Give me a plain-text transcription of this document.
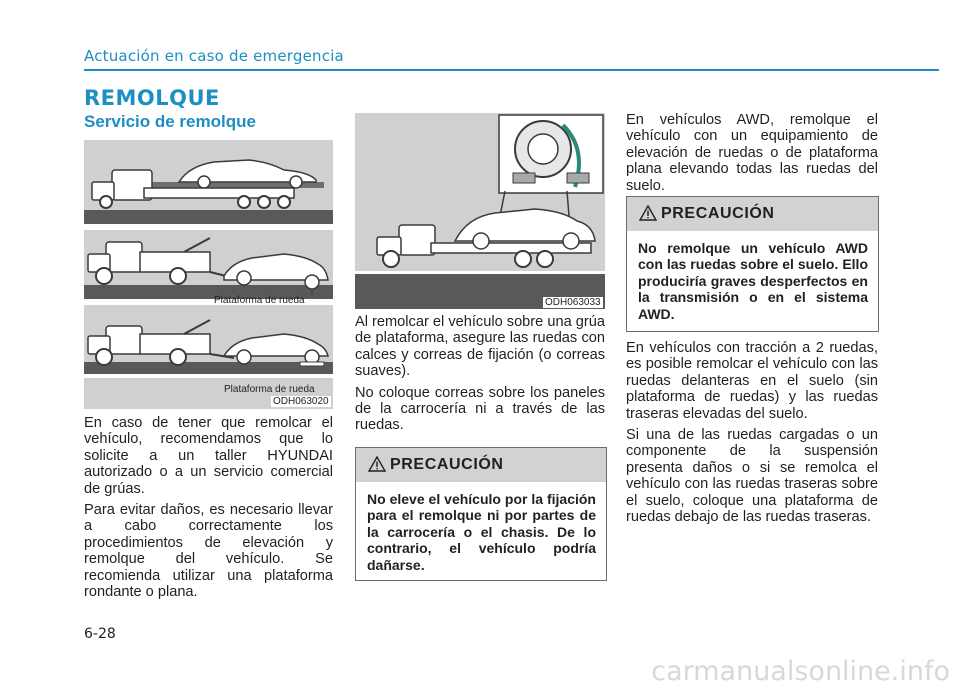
Actuación en caso de emergencia
REMOLQUE
Servicio de remolque
Plataforma de rueda
Plataforma de rueda
ODH063020
ODH063033

En caso de tener que remolcar el vehículo, recomendamos que lo solicite a un taller HYUNDAI autorizado o a un servicio comercial de grúas.

Para evitar daños, es necesario llevar a cabo correctamente los procedimientos de elevación y remolque del vehículo. Se recomienda utilizar una plataforma rondante o plana.

Al remolcar el vehículo sobre una grúa de plataforma, asegure las ruedas con calces y correas de fijación (o correas suaves).

No coloque correas sobre los paneles de la carrocería ni a través de las ruedas.

PRECAUCIÓN
No eleve el vehículo por la fijación para el remolque ni por partes de la carrocería o el chasis. De lo contrario, el vehículo podría dañarse.

En vehículos AWD, remolque el vehículo con un equipamiento de elevación de ruedas o de plataforma plana elevando todas las ruedas del suelo.

PRECAUCIÓN
No remolque un vehículo AWD con las ruedas sobre el suelo. Ello produciría graves desperfectos en la transmisión o en el sistema AWD.

En vehículos con tracción a 2 ruedas, es posible remolcar el vehículo con las ruedas delanteras en el suelo (sin plataforma de ruedas) y las ruedas traseras elevadas del suelo.

Si una de las ruedas cargadas o un componente de la suspensión presenta daños o si se remolca el vehículo con las ruedas traseras sobre el suelo, coloque una plataforma de ruedas debajo de las ruedas traseras.

6-28
carmanualsonline.info
